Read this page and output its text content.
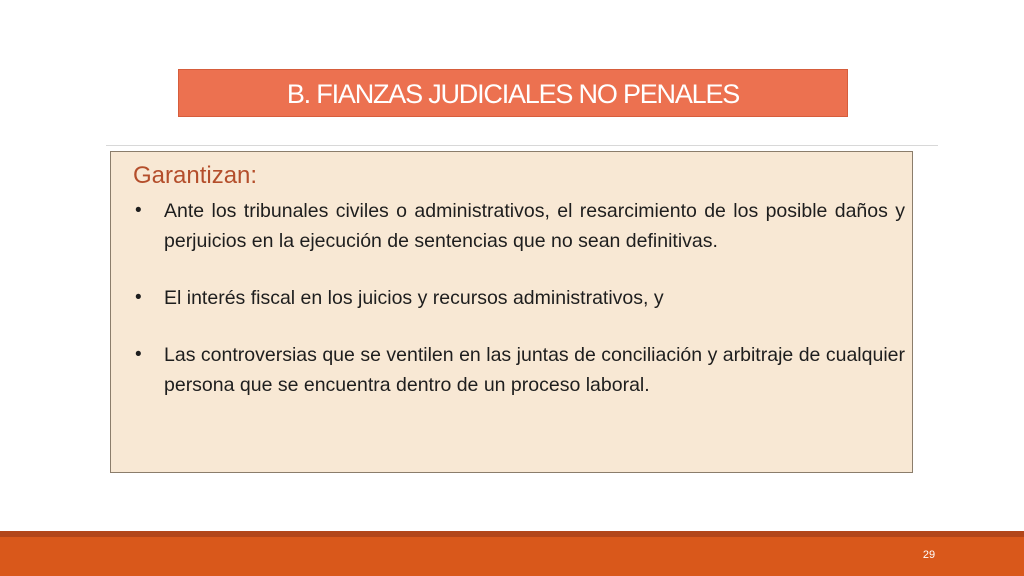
B. FIANZAS JUDICIALES NO PENALES
Garantizan:
• Ante los tribunales civiles o administrativos, el resarcimiento de los posible daños y perjuicios en la ejecución de sentencias que no sean definitivas.
• El interés fiscal en los juicios y recursos administrativos, y
• Las controversias que se ventilen en las juntas de conciliación y arbitraje de cualquier persona que se encuentra dentro de un proceso laboral.
29
